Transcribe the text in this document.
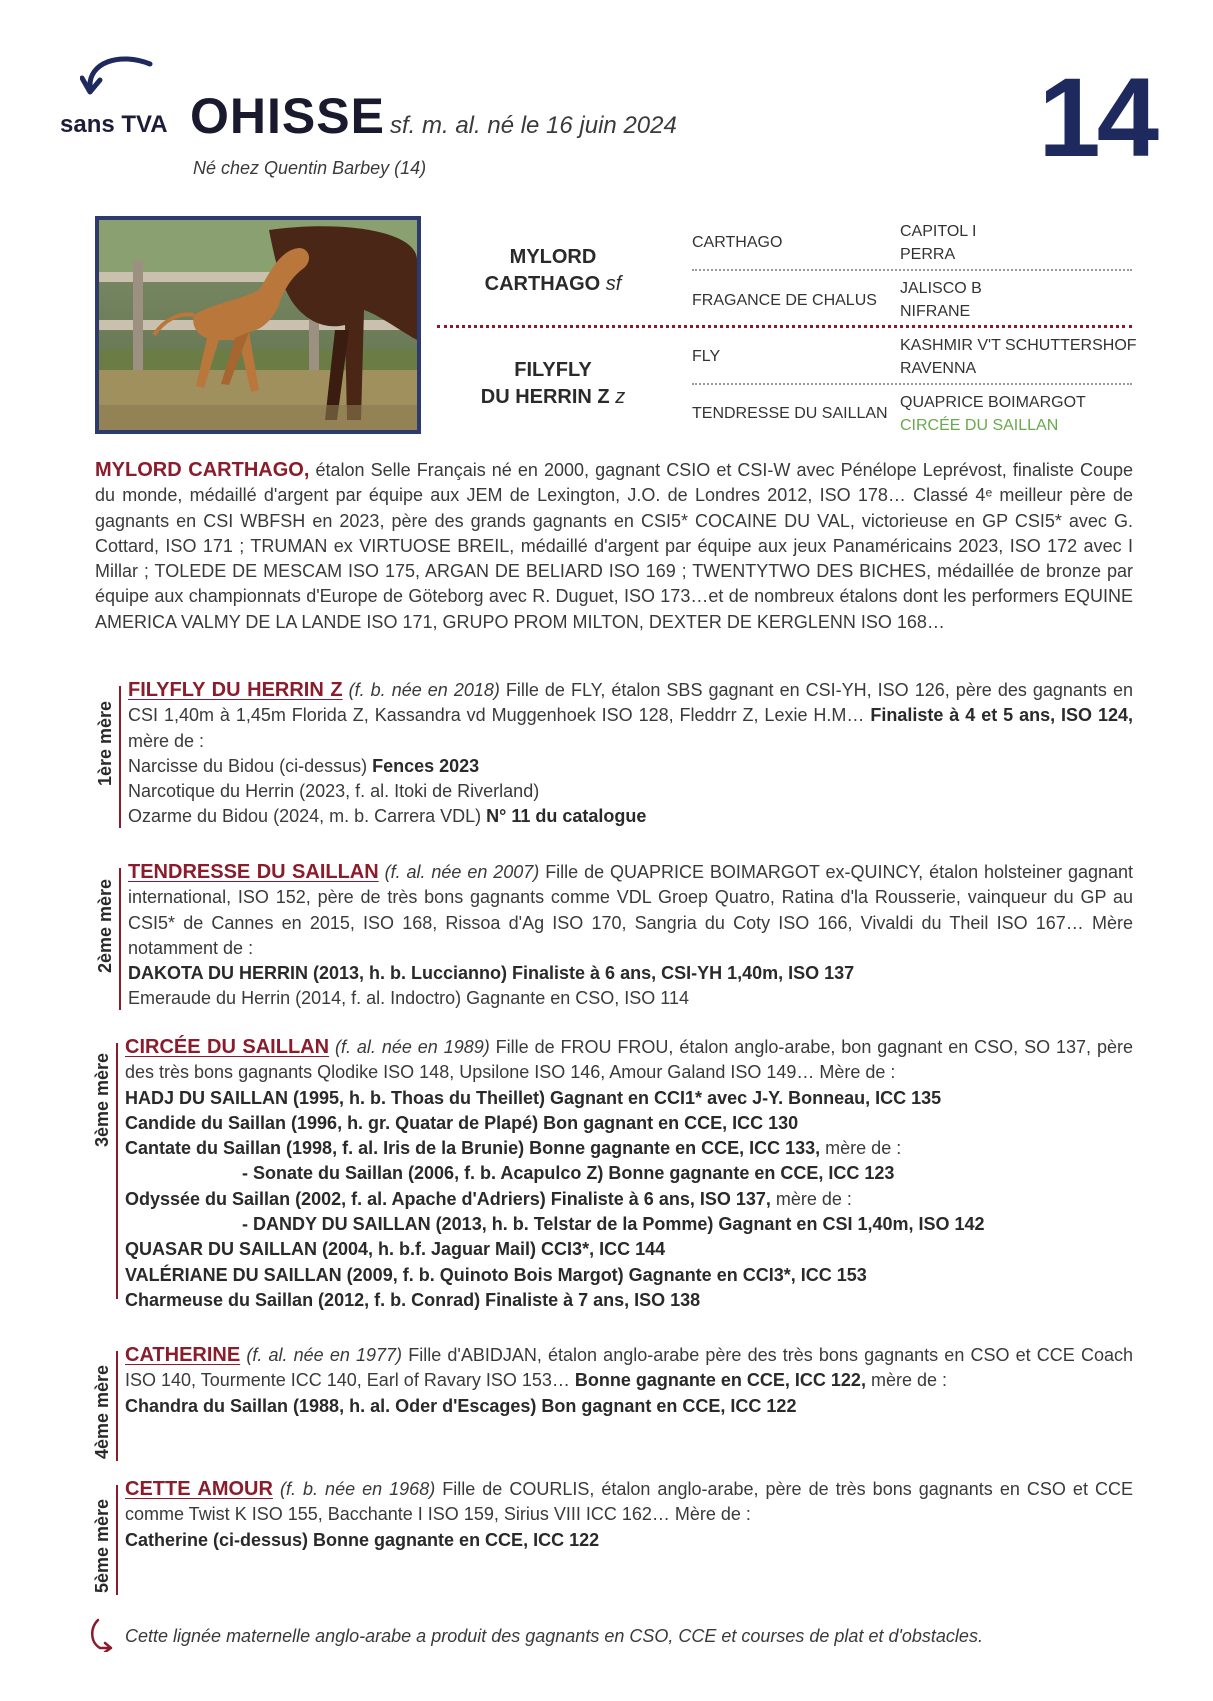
sans TVA OHISSE sf. m. al. né le 16 juin 2024
Né chez Quentin Barbey (14)	14
MYLORD
CARTHAGO sf
FILYFLY
DU HERRIN Z z
CARTHAGO
FRAGANCE DE CHALUS
FLY
TENDRESSE DU SAILLAN
CAPITOL I
PERRA
JALISCO B
NIFRANE
KASHMIR V'T SCHUTTERSHOF
RAVENNA
QUAPRICE BOIMARGOT
CIRCÉE DU SAILLAN
MYLORD CARTHAGO, étalon Selle Français né en 2000, gagnant CSIO et CSI-W avec Pénélope Leprévost, finaliste Coupe du monde, médaillé d'argent par équipe aux JEM de Lexington, J.O. de Londres 2012, ISO 178… Classé 4ᵉ meilleur père de gagnants en CSI WBFSH en 2023, père des grands gagnants en CSI5* COCAINE DU VAL, victorieuse en GP CSI5* avec G. Cottard, ISO 171 ; TRUMAN ex VIRTUOSE BREIL, médaillé d'argent par équipe aux jeux Panaméricains 2023, ISO 172 avec I Millar ; TOLEDE DE MESCAM ISO 175, ARGAN DE BELIARD ISO 169 ; TWENTYTWO DES BICHES, médaillée de bronze par équipe aux championnats d'Europe de Göteborg avec R. Duguet, ISO 173…et de nombreux étalons dont les performers EQUINE AMERICA VALMY DE LA LANDE ISO 171, GRUPO PROM MILTON, DEXTER DE KERGLENN ISO 168…
1ère mère
FILYFLY DU HERRIN Z (f. b. née en 2018) Fille de FLY, étalon SBS gagnant en CSI-YH, ISO 126, père des gagnants en CSI 1,40m à 1,45m Florida Z, Kassandra vd Muggenhoek ISO 128, Fleddrr Z, Lexie H.M… Finaliste à 4 et 5 ans, ISO 124, mère de :
Narcisse du Bidou (ci-dessus) Fences 2023
Narcotique du Herrin (2023, f. al. Itoki de Riverland)
Ozarme du Bidou (2024, m. b. Carrera VDL) N° 11 du catalogue
2ème mère
TENDRESSE DU SAILLAN (f. al. née en 2007) Fille de QUAPRICE BOIMARGOT ex-QUINCY, étalon holsteiner gagnant international, ISO 152, père de très bons gagnants comme VDL Groep Quatro, Ratina d'la Rousserie, vainqueur du GP au CSI5* de Cannes en 2015, ISO 168, Rissoa d'Ag ISO 170, Sangria du Coty ISO 166, Vivaldi du Theil ISO 167… Mère notamment de :
DAKOTA DU HERRIN (2013, h. b. Luccianno) Finaliste à 6 ans, CSI-YH 1,40m, ISO 137
Emeraude du Herrin (2014, f. al. Indoctro) Gagnante en CSO, ISO 114
3ème mère
CIRCÉE DU SAILLAN (f. al. née en 1989) Fille de FROU FROU, étalon anglo-arabe, bon gagnant en CSO, SO 137, père des très bons gagnants Qlodike ISO 148, Upsilone ISO 146, Amour Galand ISO 149… Mère de :
HADJ DU SAILLAN (1995, h. b. Thoas du Theillet) Gagnant en CCI1* avec J-Y. Bonneau, ICC 135
Candide du Saillan (1996, h. gr. Quatar de Plapé) Bon gagnant en CCE, ICC 130
Cantate du Saillan (1998, f. al. Iris de la Brunie) Bonne gagnante en CCE, ICC 133, mère de :
- Sonate du Saillan (2006, f. b. Acapulco Z) Bonne gagnante en CCE, ICC 123
Odyssée du Saillan (2002, f. al. Apache d'Adriers) Finaliste à 6 ans, ISO 137, mère de :
- DANDY DU SAILLAN (2013, h. b. Telstar de la Pomme) Gagnant en CSI 1,40m, ISO 142
QUASAR DU SAILLAN (2004, h. b.f. Jaguar Mail) CCI3*, ICC 144
VALÉRIANE DU SAILLAN (2009, f. b. Quinoto Bois Margot) Gagnante en CCI3*, ICC 153
Charmeuse du Saillan (2012, f. b. Conrad) Finaliste à 7 ans, ISO 138
4ème mère
CATHERINE (f. al. née en 1977) Fille d'ABIDJAN, étalon anglo-arabe père des très bons gagnants en CSO et CCE Coach ISO 140, Tourmente ICC 140, Earl of Ravary ISO 153… Bonne gagnante en CCE, ICC 122, mère de :
Chandra du Saillan (1988, h. al. Oder d'Escages) Bon gagnant en CCE, ICC 122
5ème mère
CETTE AMOUR (f. b. née en 1968) Fille de COURLIS, étalon anglo-arabe, père de très bons gagnants en CSO et CCE comme Twist K ISO 155, Bacchante I ISO 159, Sirius VIII ICC 162… Mère de :
Catherine (ci-dessus) Bonne gagnante en CCE, ICC 122
Cette lignée maternelle anglo-arabe a produit des gagnants en CSO, CCE et courses de plat et d'obstacles.
